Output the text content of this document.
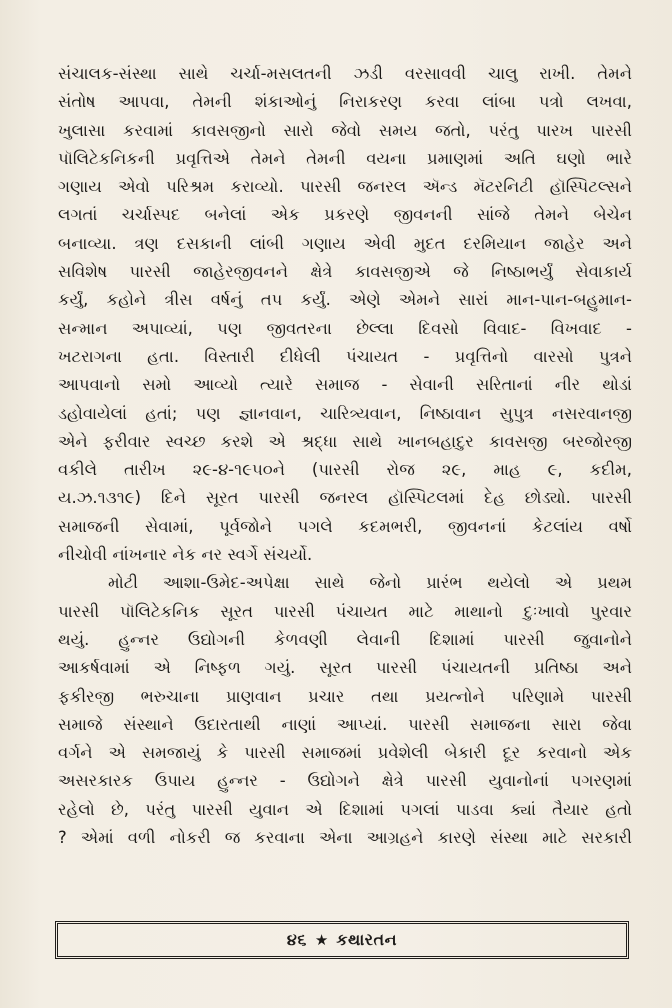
સંચાલક-સંસ્થા સાથે ચર્ચા-મસલતની ઝડી વરસાવવી ચાલુ રાખી. તેમને
સંતોષ આપવા, તેમની શંકાઓનું નિરાકરણ કરવા લાંબા પત્રો લખવા,
ખુલાસા કરવામાં કાવસજીનો સારો જેવો સમય જતો, પરંતુ પારખ પારસી
પૉલિટેકનિકની પ્રવૃત્તિએ તેમને તેમની વયના પ્રમાણમાં અતિ ઘણો ભારે
ગણાય એવો પરિશ્રમ કરાવ્યો. પારસી જનરલ ઍન્ડ મૅટરનિટી હૉસ્પિટલ્સને
લગતાં ચર્ચાસ્પદ બનેલાં એક પ્રકરણે જીવનની સાંજે તેમને બેચેન
બનાવ્યા. ત્રણ દસકાની લાંબી ગણાય એવી મુદત દરમિયાન જાહેર અને
સવિશેષ પારસી જાહેરજીવનને ક્ષેત્રે કાવસજીએ જે નિષ્ઠાભર્યું સેવાકાર્ય
કર્યું, કહોને ત્રીસ વર્ષનું તપ કર્યું. એણે એમને સારાં માન-પાન-બહુમાન-
સન્માન અપાવ્યાં, પણ જીવતરના છેલ્લા દિવસો વિવાદ- વિખવાદ -
ખટરાગના હતા. વિસ્તારી દીધેલી પંચાયત - પ્રવૃત્તિનો વારસો પુત્રને
આપવાનો સમો આવ્યો ત્યારે સમાજ - સેવાની સરિતાનાં નીર થોડાં
ડહોવાયેલાં હતાં; પણ જ્ઞાનવાન, ચારિત્ર્યવાન, નિષ્ઠાવાન સુપુત્ર નસરવાનજી
એને ફરીવાર સ્વચ્છ કરશે એ શ્રદ્ધા સાથે ખાનબહાદુર કાવસજી બરજોરજી
વકીલે તારીખ ૨૯-૪-૧૯૫૦ને (પારસી રોજ ૨૯, માહ ૯, કદીમ,
ય.ઝ.૧૩૧૯) દિને સૂરત પારસી જનરલ હૉસ્પિટલમાં દેહ છોડ્યો. પારસી
સમાજની સેવામાં, પૂર્વજોને પગલે કદમભરી, જીવનનાં કેટલાંય વર્ષો
નીચોવી નાંખનાર નેક નર સ્વર્ગે સંચર્યો.
મોટી આશા-ઉમેદ-અપેક્ષા સાથે જેનો પ્રારંભ થયેલો એ પ્રથમ
પારસી પૉલિટેકનિક સૂરત પારસી પંચાયત માટે માથાનો દુઃખાવો પુરવાર
થયું. હુન્નર ઉદ્યોગની કેળવણી લેવાની દિશામાં પારસી જુવાનોને
આકર્ષવામાં એ નિષ્ફળ ગયું. સૂરત પારસી પંચાયતની પ્રતિષ્ઠા અને
ફકીરજી ભરુચાના પ્રાણવાન પ્રચાર તથા પ્રયત્નોને પરિણામે પારસી
સમાજે સંસ્થાને ઉદારતાથી નાણાં આપ્યાં. પારસી સમાજના સારા જેવા
વર્ગને એ સમજાયું કે પારસી સમાજમાં પ્રવેશેલી બેકારી દૂર કરવાનો એક
અસરકારક ઉપાય હુન્નર - ઉદ્યોગને ક્ષેત્રે પારસી યુવાનોનાં પગરણમાં
રહેલો છે, પરંતુ પારસી યુવાન એ દિશામાં પગલાં પાડવા ક્યાં તૈયાર હતો
? એમાં વળી નોકરી જ કરવાના એના આગ્રહને કારણે સંસ્થા માટે સરકારી
૪૬ ★ કથારતન
